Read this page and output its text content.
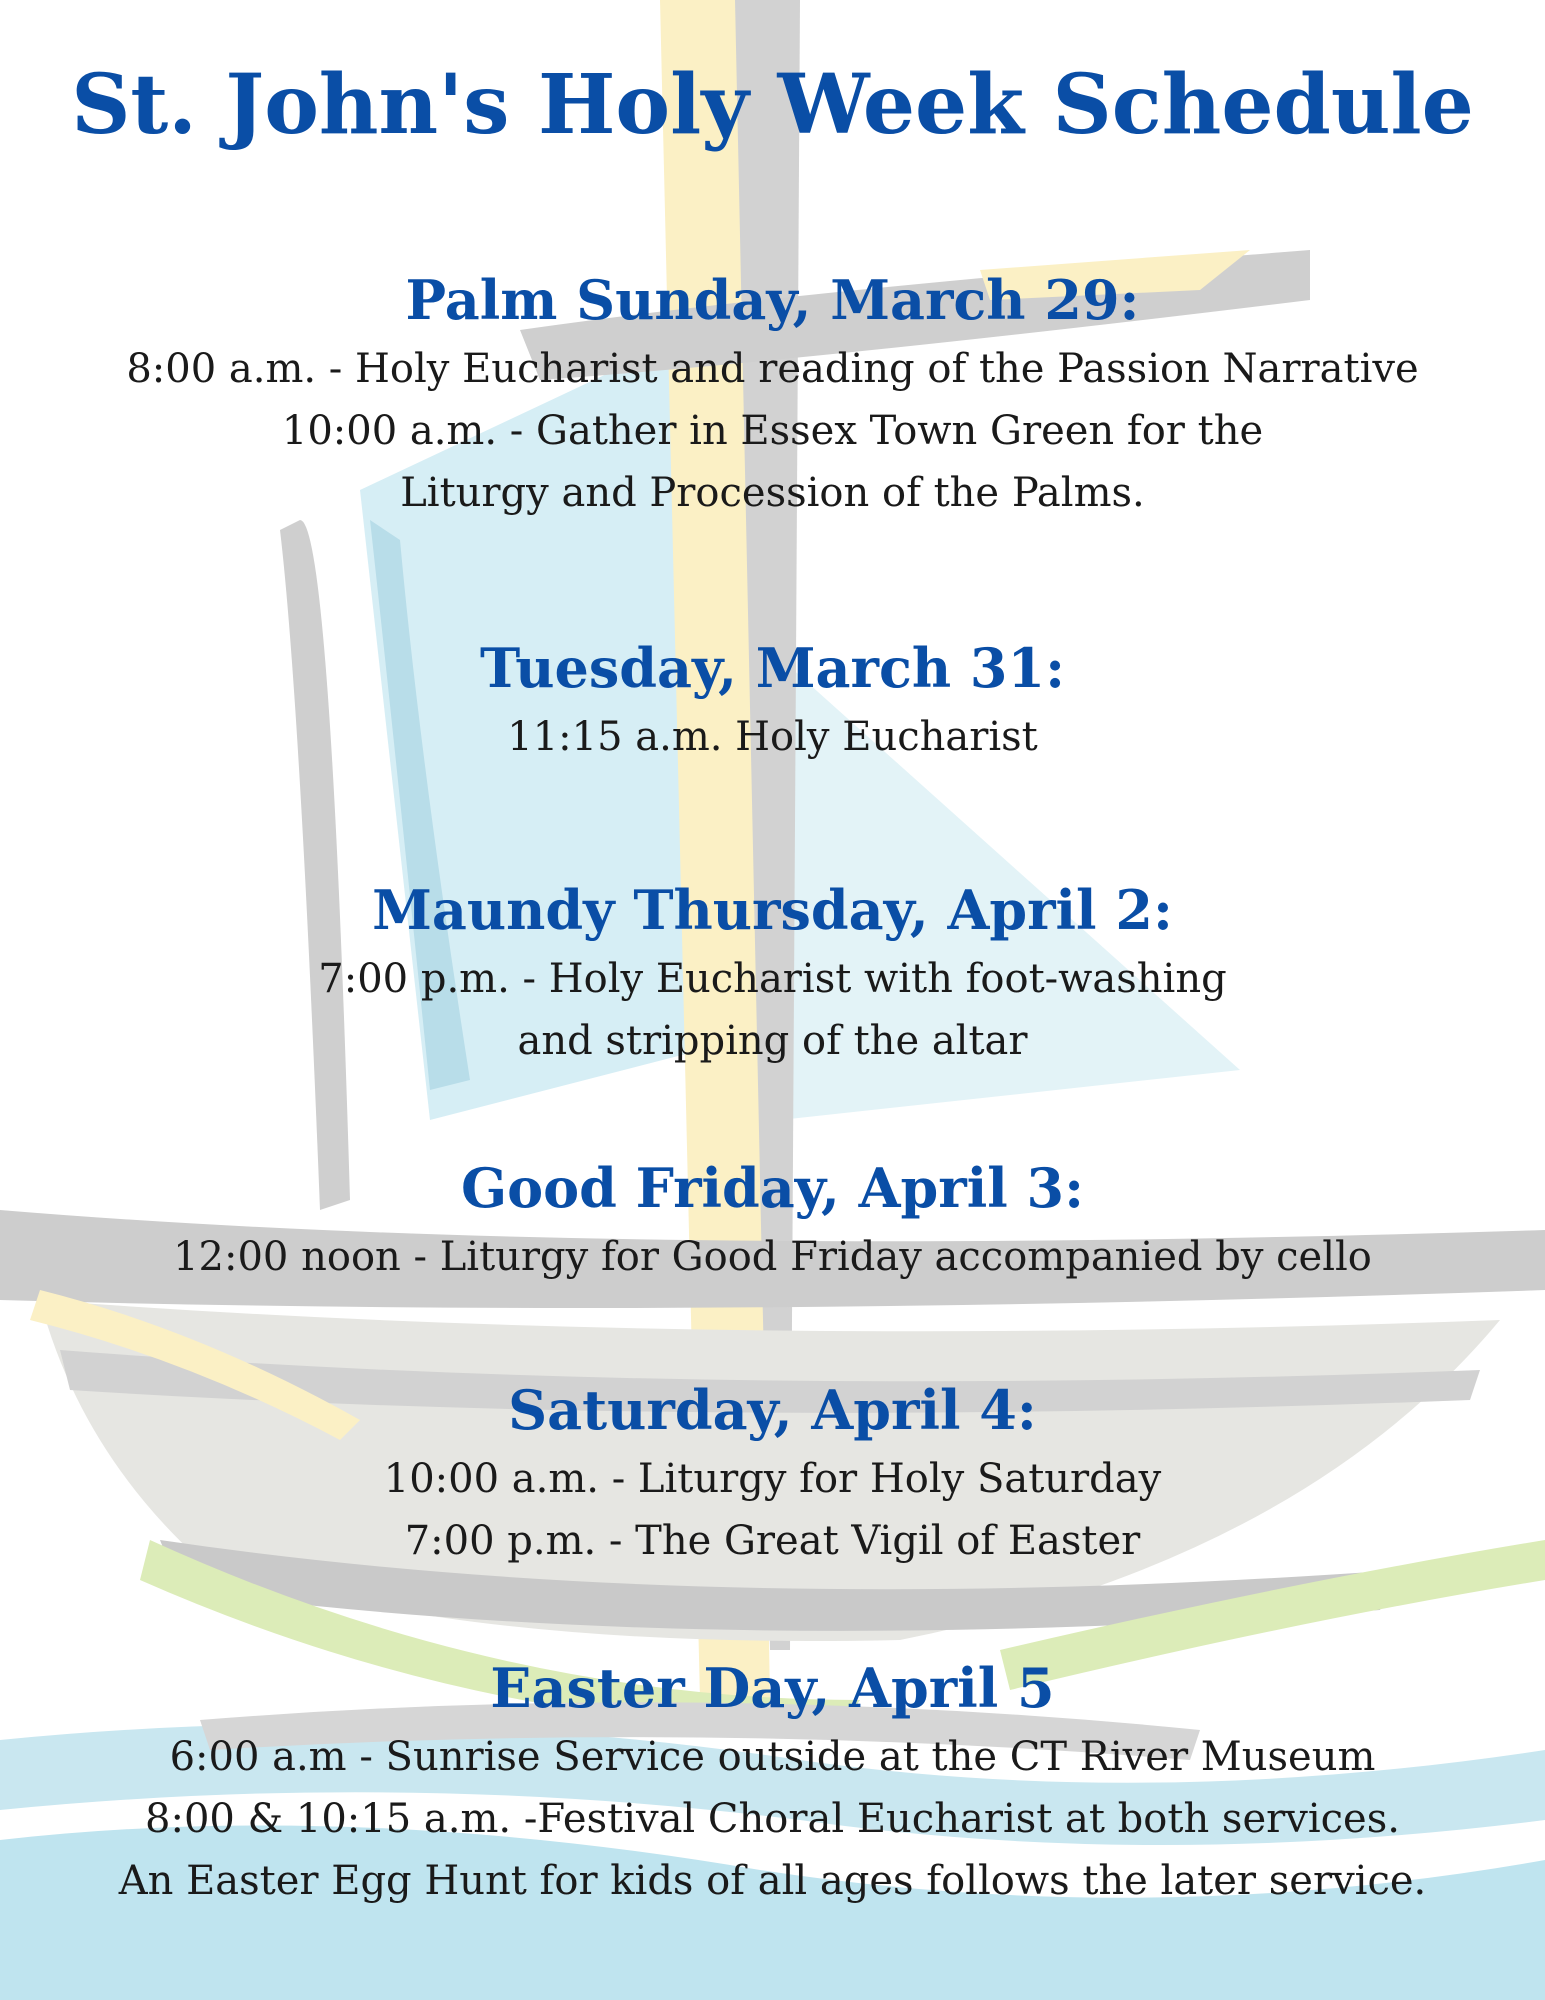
St. John's Holy Week Schedule
Palm Sunday, March 29:

8:00 a.m. - Holy Eucharist and reading of the Passion Narrative

10:00 a.m. - Gather in Essex Town Green for the

Liturgy and Procession of the Palms.

Tuesday, March 31:

11:15 a.m. Holy Eucharist

Maundy Thursday, April 2:

7:00 p.m. - Holy Eucharist with foot-washing

and stripping of the altar

Good Friday, April 3:

12:00 noon - Liturgy for Good Friday accompanied by cello

Saturday, April 4:

10:00 a.m. - Liturgy for Holy Saturday

7:00 p.m. - The Great Vigil of Easter

Easter Day, April 5

6:00 a.m - Sunrise Service outside at the CT River Museum

8:00 & 10:15 a.m. -Festival Choral Eucharist at both services.

An Easter Egg Hunt for kids of all ages follows the later service.
